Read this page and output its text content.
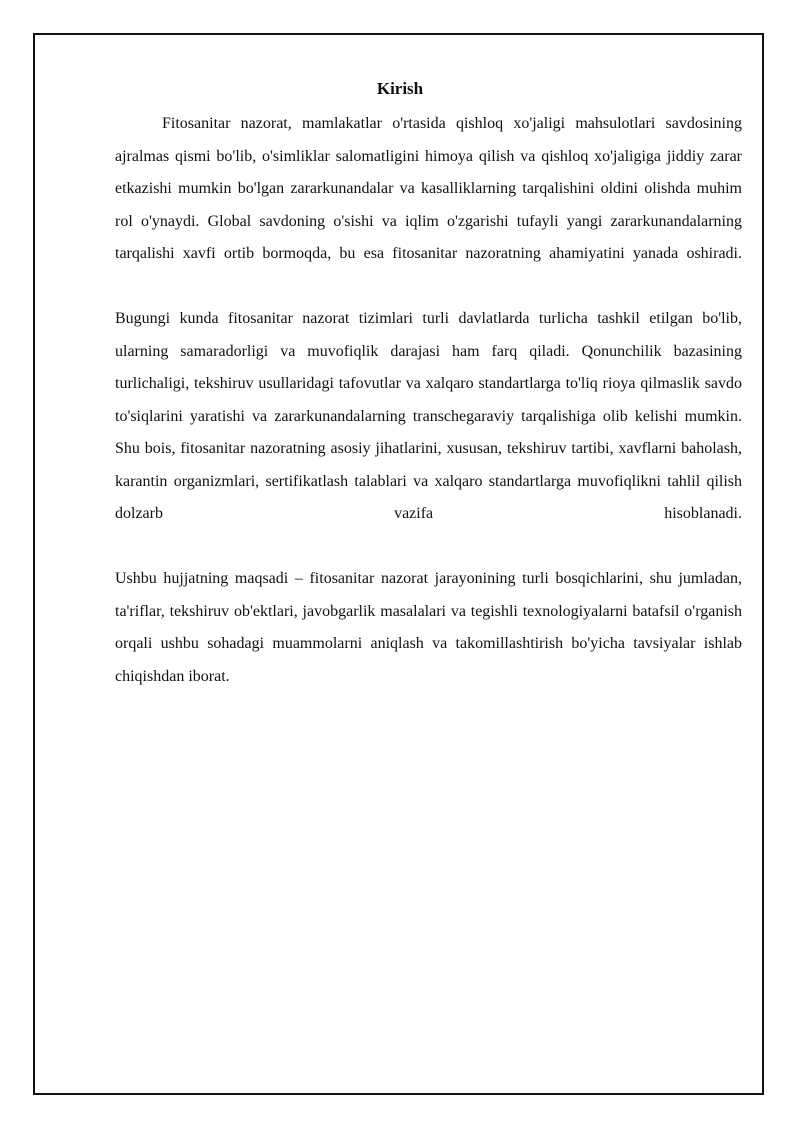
Kirish

Fitosanitar nazorat, mamlakatlar o'rtasida qishloq xo'jaligi mahsulotlari savdosining ajralmas qismi bo'lib, o'simliklar salomatligini himoya qilish va qishloq xo'jaligiga jiddiy zarar etkazishi mumkin bo'lgan zararkunandalar va kasalliklarning tarqalishini oldini olishda muhim rol o'ynaydi. Global savdoning o'sishi va iqlim o'zgarishi tufayli yangi zararkunandalarning tarqalishi xavfi ortib bormoqda, bu esa fitosanitar nazoratning ahamiyatini yanada oshiradi.

Bugungi kunda fitosanitar nazorat tizimlari turli davlatlarda turlicha tashkil etilgan bo'lib, ularning samaradorligi va muvofiqlik darajasi ham farq qiladi. Qonunchilik bazasining turlichaligi, tekshiruv usullaridagi tafovutlar va xalqaro standartlarga to'liq rioya qilmaslik savdo to'siqlarini yaratishi va zararkunandalarning transchegaraviy tarqalishiga olib kelishi mumkin. Shu bois, fitosanitar nazoratning asosiy jihatlarini, xususan, tekshiruv tartibi, xavflarni baholash, karantin organizmlari, sertifikatlash talablari va xalqaro standartlarga muvofiqlikni tahlil qilish dolzarb vazifa hisoblanadi.

Ushbu hujjatning maqsadi – fitosanitar nazorat jarayonining turli bosqichlarini, shu jumladan, ta'riflar, tekshiruv ob'ektlari, javobgarlik masalalari va tegishli texnologiyalarni batafsil o'rganish orqali ushbu sohadagi muammolarni aniqlash va takomillashtirish bo'yicha tavsiyalar ishlab chiqishdan iborat.
